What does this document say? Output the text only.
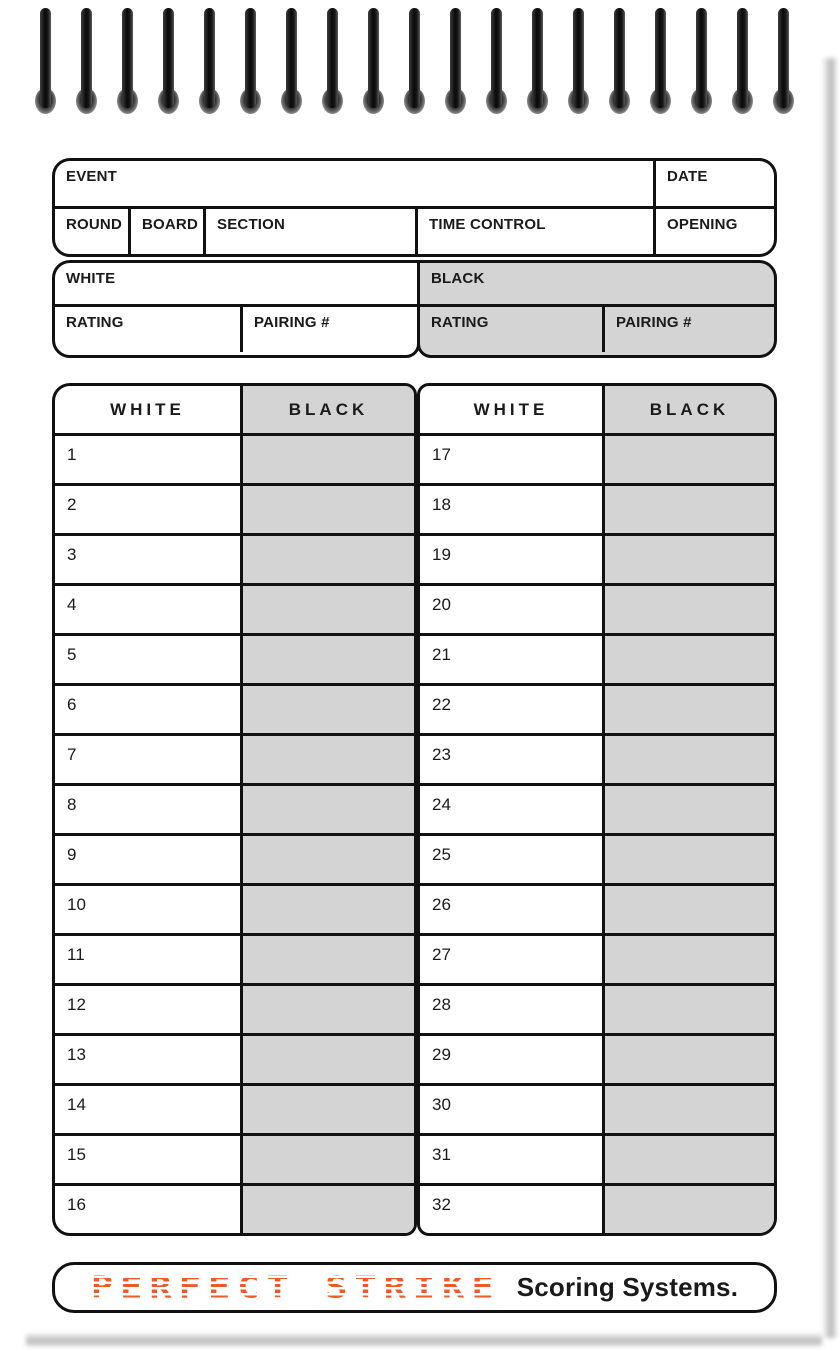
EVENT	DATE
ROUND	BOARD	SECTION	TIME CONTROL	OPENING
WHITE
RATING	PAIRING #
BLACK
RATING	PAIRING #
WHITE	BLACK
1
2
3
4
5
6
7
8
9
10
11
12
13
14
15
16
WHITE	BLACK
17
18
19
20
21
22
23
24
25
26
27
28
29
30
31
32
PERFECT STRIKE Scoring Systems.
